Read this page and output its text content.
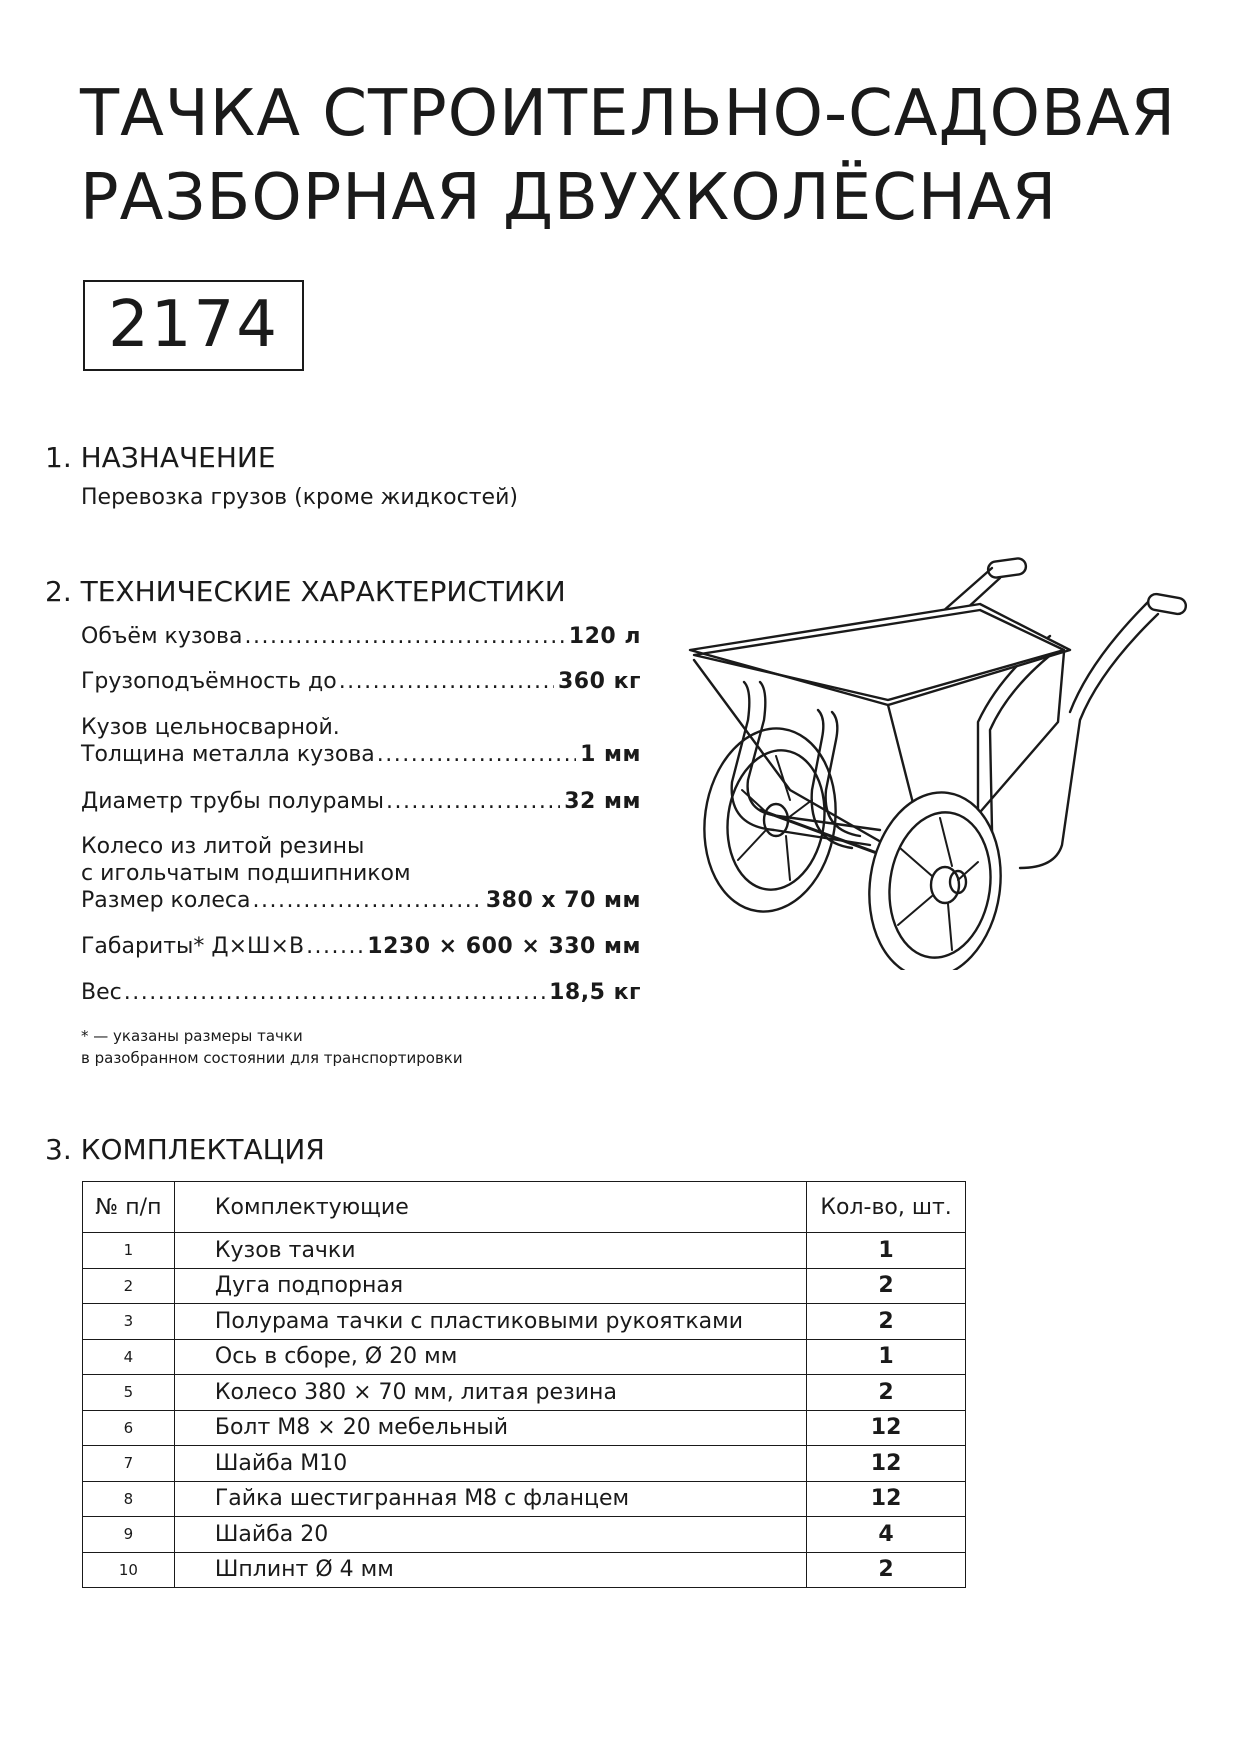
ТАЧКА СТРОИТЕЛЬНО-САДОВАЯ
РАЗБОРНАЯ ДВУХКОЛЁСНАЯ
2174
1. НАЗНАЧЕНИЕ
Перевозка грузов (кроме жидкостей)
2. ТЕХНИЧЕСКИЕ ХАРАКТЕРИСТИКИ
Объём кузова .....	120 л
Грузоподъёмность до .....	360 кг
Кузов цельносварной.
Толщина металла кузова .....	1 мм
Диаметр трубы полурамы .....	32 мм
Колесо из литой резины
с игольчатым подшипником
Размер колеса .....	380 х 70 мм
Габариты* Д×Ш×В .....	1230 × 600 × 330 мм
Вес .....	18,5 кг
* — указаны размеры тачки
в разобранном состоянии для транспортировки
3. КОМПЛЕКТАЦИЯ
№ п/п	Комплектующие	Кол-во, шт.
1	Кузов тачки	1
2	Дуга подпорная	2
3	Полурама тачки с пластиковыми рукоятками	2
4	Ось в сборе, Ø 20 мм	1
5	Колесо 380 × 70 мм, литая резина	2
6	Болт М8 × 20 мебельный	12
7	Шайба М10	12
8	Гайка шестигранная М8 с фланцем	12
9	Шайба 20	4
10	Шплинт Ø 4 мм	2
